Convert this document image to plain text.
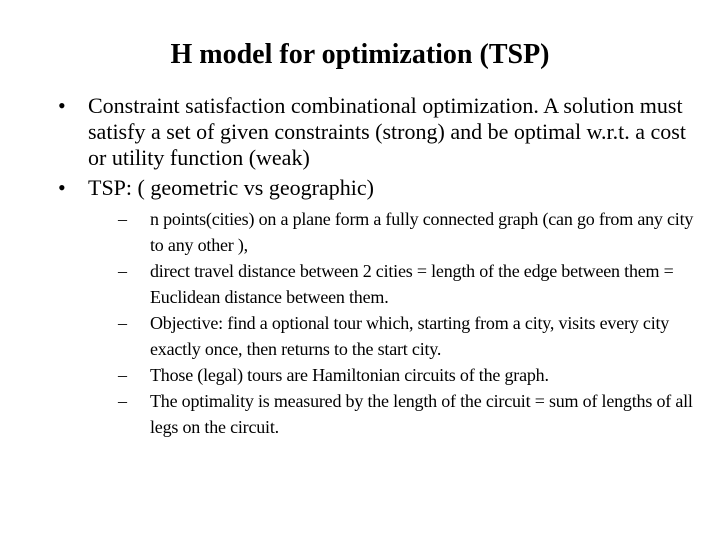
H model for optimization (TSP)
•	Constraint satisfaction combinational optimization. A solution must satisfy a set of given constraints (strong) and be optimal w.r.t. a cost or utility function (weak)
•	TSP: ( geometric vs geographic)
–	n points(cities) on a plane form a fully connected graph (can go from any city to any other ),
–	direct travel distance between 2 cities = length of the edge between them = Euclidean distance between them.
–	Objective: find a optional tour which, starting from a city, visits every city exactly once, then returns to the start city.
–	Those (legal) tours are Hamiltonian circuits of the graph.
–	The optimality is measured by the length of the circuit = sum of lengths of all legs on the circuit.
